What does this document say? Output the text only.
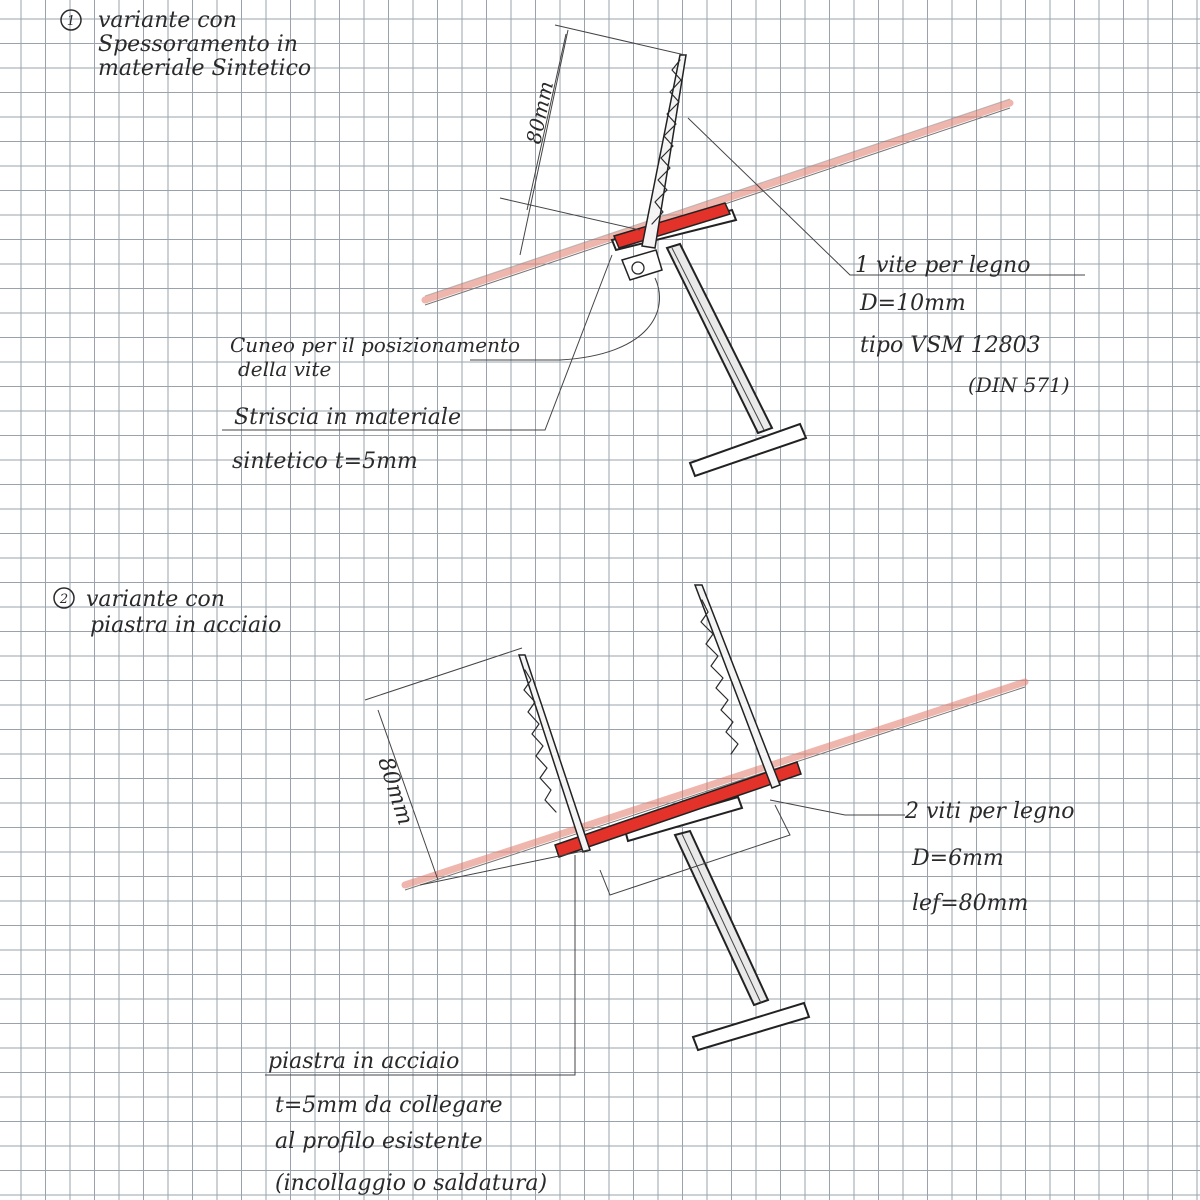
1 variante con
Spessoramento in
materiale Sintetico
80mm
1 vite per legno
D=10mm
tipo VSM 12803
(DIN 571)
Cuneo per il posizionamento
della vite
Striscia in materiale
sintetico t=5mm
2 variante con
piastra in acciaio
80mm	2 viti per legno
D=6mm
lef=80mm
piastra in acciaio
t=5mm da collegare
al profilo esistente
(incollaggio o saldatura)
